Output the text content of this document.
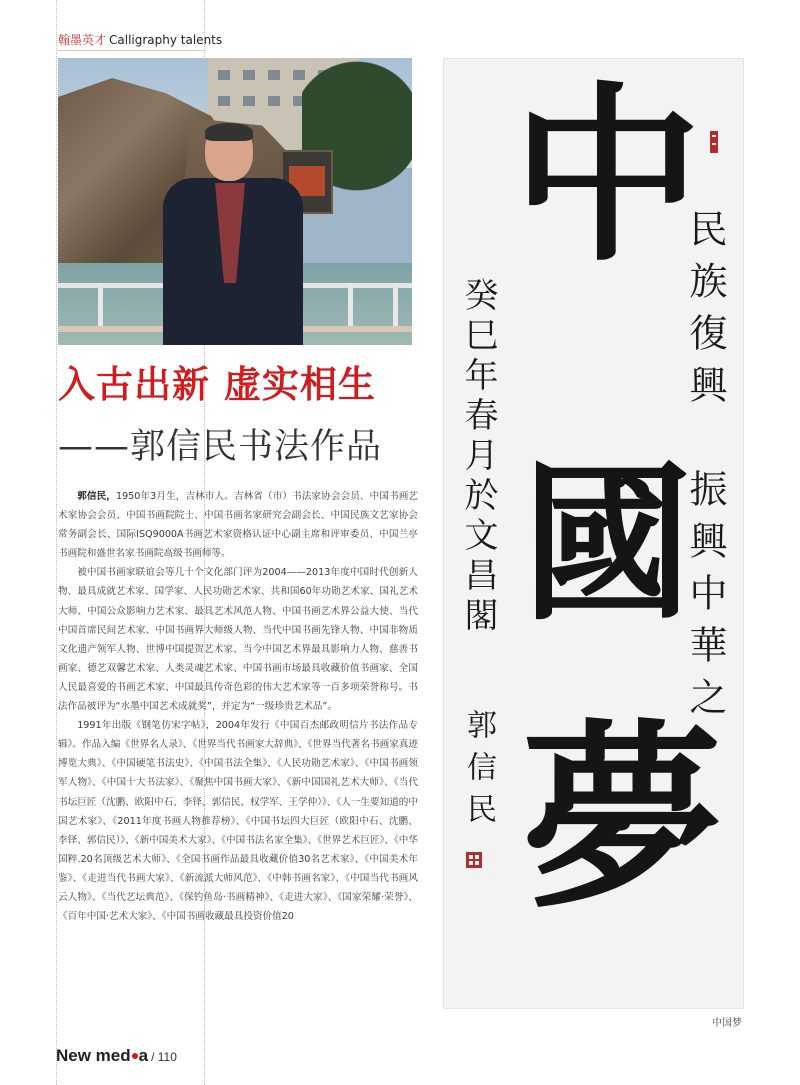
翰墨英才 Calligraphy talents
入古出新 虚实相生
——郭信民书法作品

郭信民，1950年3月生，吉林市人。吉林省（市）书法家协会会员、中国书画艺术家协会会员、中国书画院院士、中国书画名家研究会副会长、中国民族文艺家协会常务副会长、国际ISQ9000A书画艺术家资格认证中心副主席和评审委员、中国兰亭书画院和盛世名家书画院高级书画师等。

被中国书画家联谊会等几十个文化部门评为2004——2013年度中国时代创新人物、最具成就艺术家、国学家、人民功勋艺术家、共和国60年功勋艺术家、国礼艺术大师、中国公众影响力艺术家、最具艺术风范人物、中国书画艺术界公益大使、当代中国首席民间艺术家、中国书画界大师级人物、当代中国书画先锋人物、中国非物质文化遗产领军人物、世博中国提贺艺术家、当今中国艺术界最具影响力人物、慈善书画家、德艺双馨艺术家、人类灵魂艺术家、中国书画市场最具收藏价值书画家、全国人民最喜爱的书画艺术家、中国最具传奇色彩的伟大艺术家等一百多项荣誉称号。书法作品被评为“水墨中国艺术成就奖”，并定为“一级珍贵艺术品”。

1991年出版《钢笔仿宋字帖》，2004年发行《中国百杰邮政明信片书法作品专辑》。作品入编《世界名人录》、《世界当代书画家大辞典》、《世界当代著名书画家真迹博览大典》、《中国硬笔书法史》、《中国书法全集》、《人民功勋艺术家》、《中国书画领军人物》、《中国十大书法家》、《聚焦中国书画大家》、《新中国国礼艺术大师》、《当代书坛巨匠（沈鹏、欧阳中石、李铎、郭信民、权学军、王学仲）》、《人一生要知道的中国艺术家》、《2011年度书画人物推荐榜》、《中国书坛四大巨匠（欧阳中石、沈鹏、李铎、郭信民）》、《新中国美术大家》、《中国书法名家全集》、《世界艺术巨匠》、《中华国粹.20名顶级艺术大师》、《全国书画作品最具收藏价值30名艺术家》、《中国美术年鉴》、《走进当代书画大家》、《新流派大师风范》、《中韩书画名家》、《中国当代书画风云人物》、《当代艺坛典范》、《保钓鱼岛·书画精神》、《走进大家》、《国家荣耀·荣誉》、《百年中国·艺术大家》、《中国书画收藏最具投资价值20

中
國
夢
民族復興
振興中華之
癸巳年春月於文昌閣
郭信民
中国梦
New med a / 110
